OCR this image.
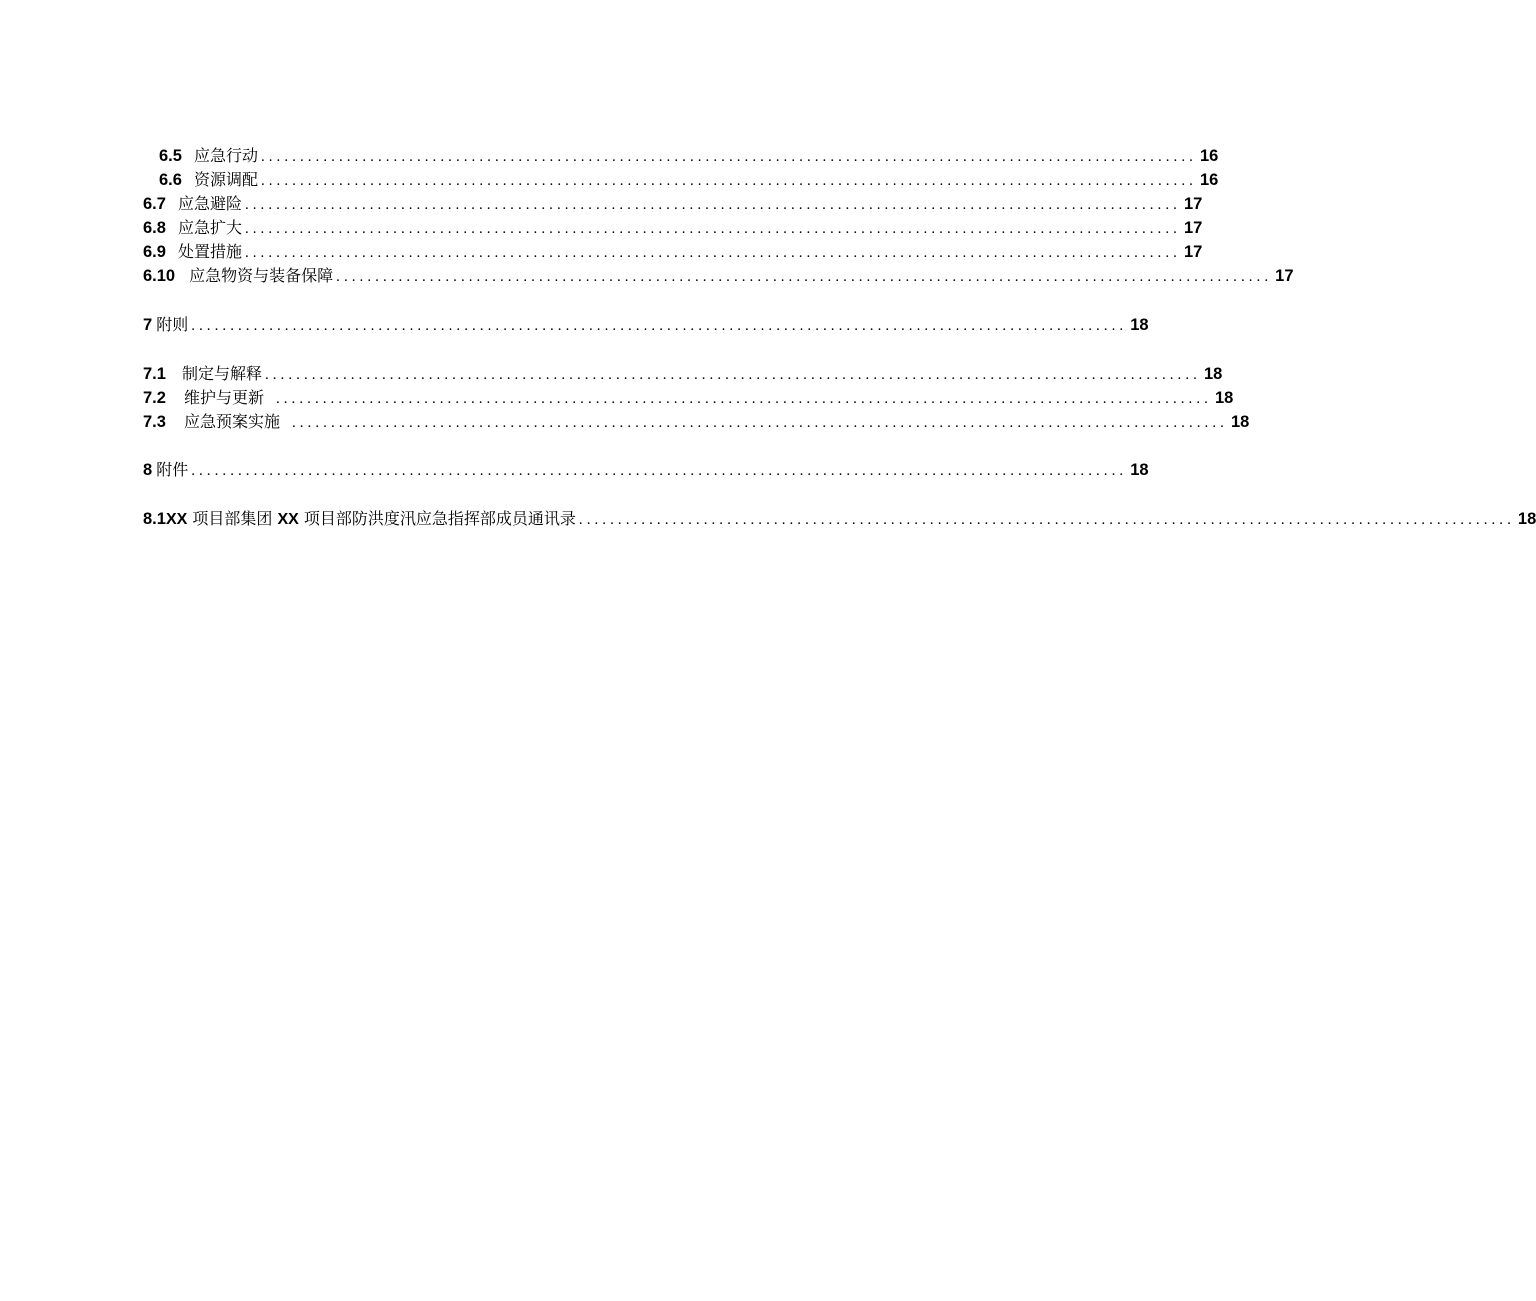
6.5 应急行动 ........................................................................................................................ 16
6.6 资源调配 ........................................................................................................................ 16
6.7 应急避险 ........................................................................................................................ 17
6.8 应急扩大 ........................................................................................................................ 17
6.9 处置措施 ........................................................................................................................ 17
6.10 应急物资与装备保障 ........................................................................................................................ 17
7 附则 ........................................................................................................................ 18
7.1 制定与解释 ........................................................................................................................ 18
7.2 维护与更新 ........................................................................................................................ 18
7.3 应急预案实施 ........................................................................................................................ 18
8 附件 ........................................................................................................................ 18
8.1 XX 项目部集团 XX 项目部防洪度汛应急指挥部成员通讯录 ........................................................................................................................ 18
